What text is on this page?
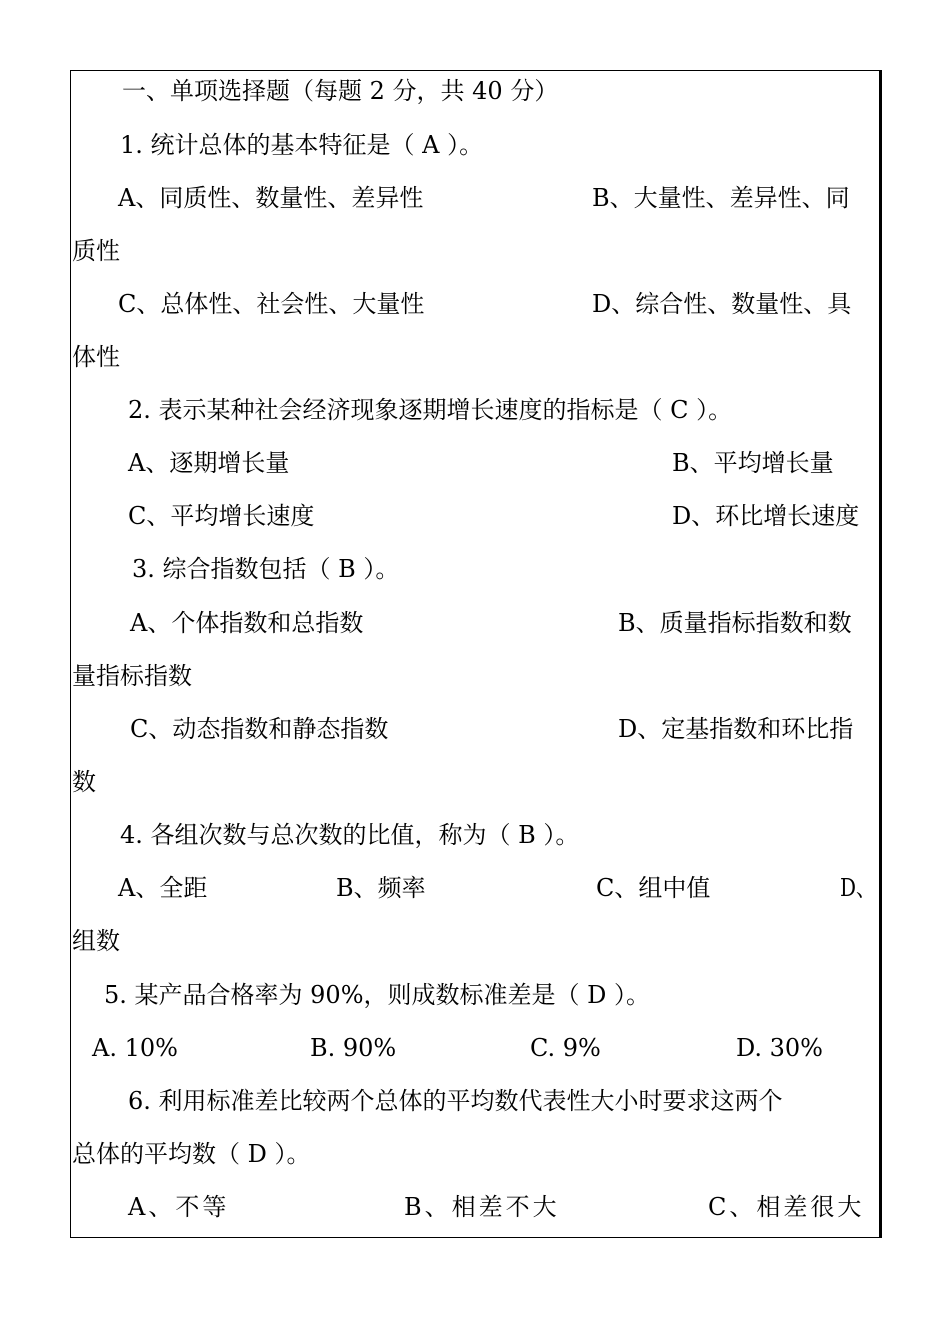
一、单项选择题（每题 2 分，共 40 分）
1. 统计总体的基本特征是（ A ）。
A、同质性、数量性、差异性	B、大量性、差异性、同
质性
C、总体性、社会性、大量性	D、综合性、数量性、具
体性
2. 表示某种社会经济现象逐期增长速度的指标是（ C ）。
A、逐期增长量	B、平均增长量
C、平均增长速度	D、环比增长速度
3. 综合指数包括（ B ）。
A、个体指数和总指数	B、质量指标指数和数
量指标指数
C、动态指数和静态指数	D、定基指数和环比指
数
4. 各组次数与总次数的比值，称为（ B ）。
A、全距	B、频率	C、组中值	D、
组数
5. 某产品合格率为 90%，则成数标准差是（ D ）。
A. 10%	B. 90%	C. 9%	D. 30%
6. 利用标准差比较两个总体的平均数代表性大小时要求这两个
总体的平均数（ D ）。
A、不等	B、相差不大	C、相差很大
